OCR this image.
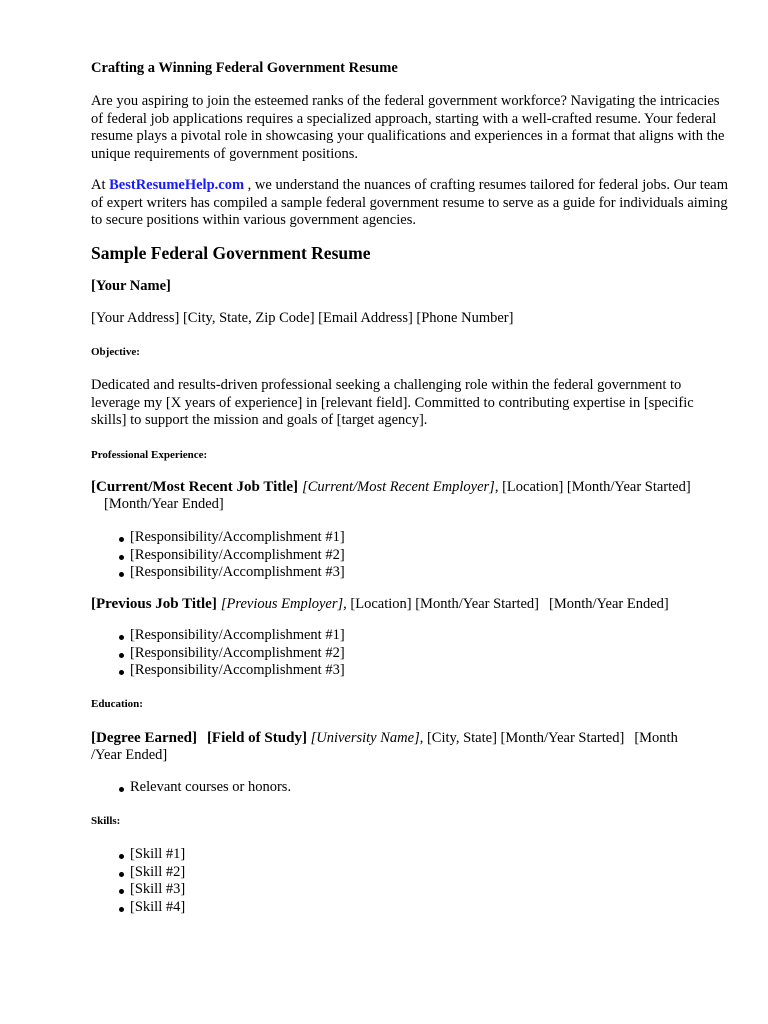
Crafting a Winning Federal Government Resume

Are you aspiring to join the esteemed ranks of the federal government workforce? Navigating the intricacies of federal job applications requires a specialized approach, starting with a well-crafted resume. Your federal resume plays a pivotal role in showcasing your qualifications and experiences in a format that aligns with the unique requirements of government positions.

At BestResumeHelp.com , we understand the nuances of crafting resumes tailored for federal jobs. Our team of expert writers has compiled a sample federal government resume to serve as a guide for individuals aiming to secure positions within various government agencies.

Sample Federal Government Resume

[Your Name]

[Your Address] [City, State, Zip Code] [Email Address] [Phone Number]

Objective:

Dedicated and results-driven professional seeking a challenging role within the federal government to leverage my [X years of experience] in [relevant field]. Committed to contributing expertise in [specific skills] to support the mission and goals of [target agency].

Professional Experience:

[Current/Most Recent Job Title] [Current/Most Recent Employer], [Location] [Month/Year Started]

[Month/Year Ended]

[Responsibility/Accomplishment #1]
[Responsibility/Accomplishment #2]
[Responsibility/Accomplishment #3]

[Previous Job Title] [Previous Employer], [Location] [Month/Year Started] [Month/Year Ended]

[Responsibility/Accomplishment #1]
[Responsibility/Accomplishment #2]
[Responsibility/Accomplishment #3]

Education:

[Degree Earned] [Field of Study] [University Name], [City, State] [Month/Year Started] [Month

/Year Ended]

Relevant courses or honors.

Skills:

[Skill #1]
[Skill #2]
[Skill #3]
[Skill #4]
